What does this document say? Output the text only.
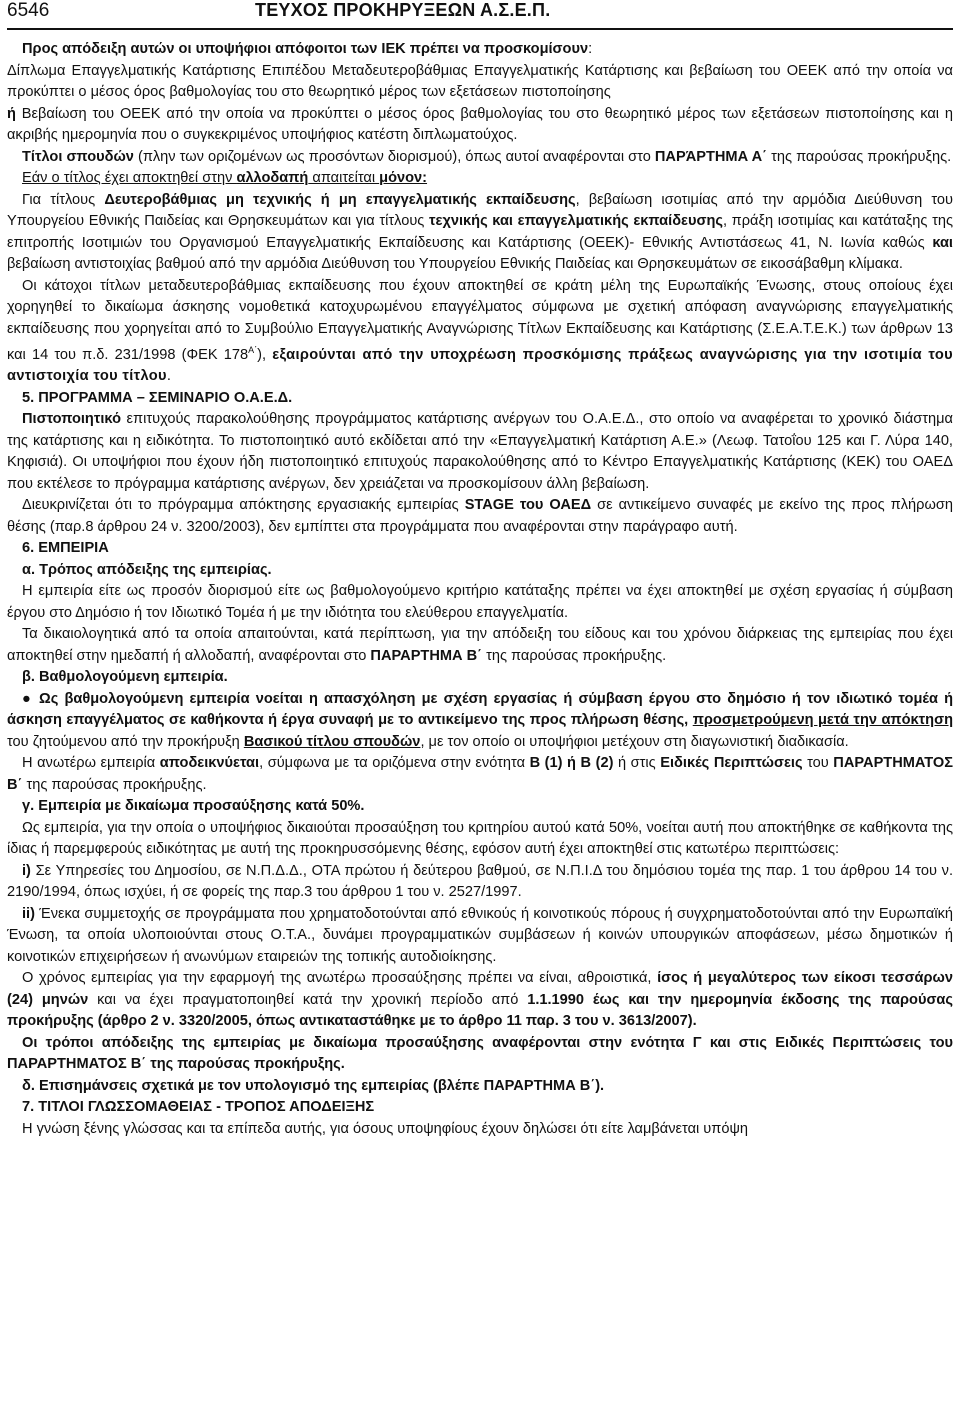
6546	ΤΕΥΧΟΣ ΠΡΟΚΗΡΥΞΕΩΝ Α.Σ.Ε.Π.

Προς απόδειξη αυτών οι υποψήφιοι απόφοιτοι των ΙΕΚ πρέπει να προσκομίσουν:

Δίπλωμα Επαγγελματικής Κατάρτισης Επιπέδου Μεταδευτεροβάθμιας Επαγγελματικής Κατάρτισης και βεβαίωση του ΟΕΕΚ από την οποία να προκύπτει ο μέσος όρος βαθμολογίας του στο θεωρητικό μέρος των εξετάσεων πιστοποίησης

ή Βεβαίωση του ΟΕΕΚ από την οποία να προκύπτει ο μέσος όρος βαθμολογίας του στο θεωρητικό μέρος των εξετάσεων πιστοποίησης και η ακριβής ημερομηνία που ο συγκεκριμένος υποψήφιος κατέστη διπλωματούχος.

Τίτλοι σπουδών (πλην των οριζομένων ως προσόντων διορισμού), όπως αυτοί αναφέρονται στο ΠΑΡΆΡΤΗΜΑ Α΄ της παρούσας προκήρυξης.

Εάν ο τίτλος έχει αποκτηθεί στην αλλοδαπή απαιτείται μόνον:

Για τίτλους Δευτεροβάθμιας μη τεχνικής ή μη επαγγελματικής εκπαίδευσης, βεβαίωση ισοτιμίας από την αρμόδια Διεύθυνση του Υπουργείου Εθνικής Παιδείας και Θρησκευμάτων και για τίτλους τεχνικής και επαγγελματικής εκπαίδευσης, πράξη ισοτιμίας και κατάταξης της επιτροπής Ισοτιμιών του Οργανισμού Επαγγελματικής Εκπαίδευσης και Κατάρτισης (ΟΕΕΚ)- Εθνικής Αντιστάσεως 41, Ν. Ιωνία καθώς και βεβαίωση αντιστοιχίας βαθμού από την αρμόδια Διεύθυνση του Υπουργείου Εθνικής Παιδείας και Θρησκευμάτων σε εικοσάβαθμη κλίμακα.

Οι κάτοχοι τίτλων μεταδευτεροβάθμιας εκπαίδευσης που έχουν αποκτηθεί σε κράτη μέλη της Ευρωπαϊκής Ένωσης, στους οποίους έχει χορηγηθεί το δικαίωμα άσκησης νομοθετικά κατοχυρωμένου επαγγέλματος σύμφωνα με σχετική απόφαση αναγνώρισης επαγγελματικής εκπαίδευσης που χορηγείται από το Συμβούλιο Επαγγελματικής Αναγνώρισης Τίτλων Εκπαίδευσης και Κατάρτισης (Σ.Ε.Α.Τ.Ε.Κ.) των άρθρων 13 και 14 του π.δ. 231/1998 (ΦΕΚ $178^{A΄}$), εξαιρούνται από την υποχρέωση προσκόμισης πράξεως αναγνώρισης για την ισοτιμία του αντιστοιχία του τίτλου.

5. ΠΡΟΓΡΑΜΜΑ – ΣΕΜΙΝΑΡΙΟ Ο.Α.Ε.Δ.

Πιστοποιητικό επιτυχούς παρακολούθησης προγράμματος κατάρτισης ανέργων του Ο.Α.Ε.Δ., στο οποίο να αναφέρεται το χρονικό διάστημα της κατάρτισης και η ειδικότητα. Το πιστοποιητικό αυτό εκδίδεται από την «Επαγγελματική Κατάρτιση Α.Ε.» (Λεωφ. Τατοΐου 125 και Γ. Λύρα 140, Κηφισιά). Οι υποψήφιοι που έχουν ήδη πιστοποιητικό επιτυχούς παρακολούθησης από το Κέντρο Επαγγελματικής Κατάρτισης (ΚΕΚ) του ΟΑΕΔ που εκτέλεσε το πρόγραμμα κατάρτισης ανέργων, δεν χρειάζεται να προσκομίσουν άλλη βεβαίωση.

Διευκρινίζεται ότι το πρόγραμμα απόκτησης εργασιακής εμπειρίας STAGE του ΟΑΕΔ σε αντικείμενο συναφές με εκείνο της προς πλήρωση θέσης (παρ.8 άρθρου 24 ν. 3200/2003), δεν εμπίπτει στα προγράμματα που αναφέρονται στην παράγραφο αυτή.

6. ΕΜΠΕΙΡΙΑ

α. Τρόπος απόδειξης της εμπειρίας.

Η εμπειρία είτε ως προσόν διορισμού είτε ως βαθμολογούμενο κριτήριο κατάταξης πρέπει να έχει αποκτηθεί με σχέση εργασίας ή σύμβαση έργου στο Δημόσιο ή τον Ιδιωτικό Τομέα ή με την ιδιότητα του ελεύθερου επαγγελματία.

Τα δικαιολογητικά από τα οποία απαιτούνται, κατά περίπτωση, για την απόδειξη του είδους και του χρόνου διάρκειας της εμπειρίας που έχει αποκτηθεί στην ημεδαπή ή αλλοδαπή, αναφέρονται στο ΠΑΡΑΡΤΗΜΑ Β΄ της παρούσας προκήρυξης.

β. Βαθμολογούμενη εμπειρία.

● Ως βαθμολογούμενη εμπειρία νοείται η απασχόληση με σχέση εργασίας ή σύμβαση έργου στο δημόσιο ή τον ιδιωτικό τομέα ή άσκηση επαγγέλματος σε καθήκοντα ή έργα συναφή με το αντικείμενο της προς πλήρωση θέσης, προσμετρούμενη μετά την απόκτηση του ζητούμενου από την προκήρυξη Βασικού τίτλου σπουδών, με τον οποίο οι υποψήφιοι μετέχουν στη διαγωνιστική διαδικασία.

Η ανωτέρω εμπειρία αποδεικνύεται, σύμφωνα με τα οριζόμενα στην ενότητα Β (1) ή Β (2) ή στις Ειδικές Περιπτώσεις του ΠΑΡΑΡΤΗΜΑΤΟΣ Β΄ της παρούσας προκήρυξης.

γ. Εμπειρία με δικαίωμα προσαύξησης κατά 50%.

Ως εμπειρία, για την οποία ο υποψήφιος δικαιούται προσαύξηση του κριτηρίου αυτού κατά 50%, νοείται αυτή που αποκτήθηκε σε καθήκοντα της ίδιας ή παρεμφερούς ειδικότητας με αυτή της προκηρυσσόμενης θέσης, εφόσον αυτή έχει αποκτηθεί στις κατωτέρω περιπτώσεις:

i) Σε Υπηρεσίες του Δημοσίου, σε Ν.Π.Δ.Δ., ΟΤΑ πρώτου ή δεύτερου βαθμού, σε Ν.Π.Ι.Δ του δημόσιου τομέα της παρ. 1 του άρθρου 14 του ν. 2190/1994, όπως ισχύει, ή σε φορείς της παρ.3 του άρθρου 1 του ν. 2527/1997.

ii) Ένεκα συμμετοχής σε προγράμματα που χρηματοδοτούνται από εθνικούς ή κοινοτικούς πόρους ή συγχρηματοδοτούνται από την Ευρωπαϊκή Ένωση, τα οποία υλοποιούνται στους Ο.Τ.Α., δυνάμει προγραμματικών συμβάσεων ή κοινών υπουργικών αποφάσεων, μέσω δημοτικών ή κοινοτικών επιχειρήσεων ή ανωνύμων εταιρειών της τοπικής αυτοδιοίκησης.

Ο χρόνος εμπειρίας για την εφαρμογή της ανωτέρω προσαύξησης πρέπει να είναι, αθροιστικά, ίσος ή μεγαλύτερος των είκοσι τεσσάρων (24) μηνών και να έχει πραγματοποιηθεί κατά την χρονική περίοδο από 1.1.1990 έως και την ημερομηνία έκδοσης της παρούσας προκήρυξης (άρθρο 2 ν. 3320/2005, όπως αντικαταστάθηκε με το άρθρο 11 παρ. 3 του ν. 3613/2007).

Οι τρόποι απόδειξης της εμπειρίας με δικαίωμα προσαύξησης αναφέρονται στην ενότητα Γ και στις Ειδικές Περιπτώσεις του ΠΑΡΑΡΤΗΜΑΤΟΣ Β΄ της παρούσας προκήρυξης.

δ. Επισημάνσεις σχετικά με τον υπολογισμό της εμπειρίας (βλέπε ΠΑΡΑΡΤΗΜΑ Β΄).

7. ΤΙΤΛΟΙ ΓΛΩΣΣΟΜΑΘΕΙΑΣ - ΤΡΟΠΟΣ ΑΠΟΔΕΙΞΗΣ

Η γνώση ξένης γλώσσας και τα επίπεδα αυτής, για όσους υποψηφίους έχουν δηλώσει ότι είτε λαμβάνεται υπόψη
